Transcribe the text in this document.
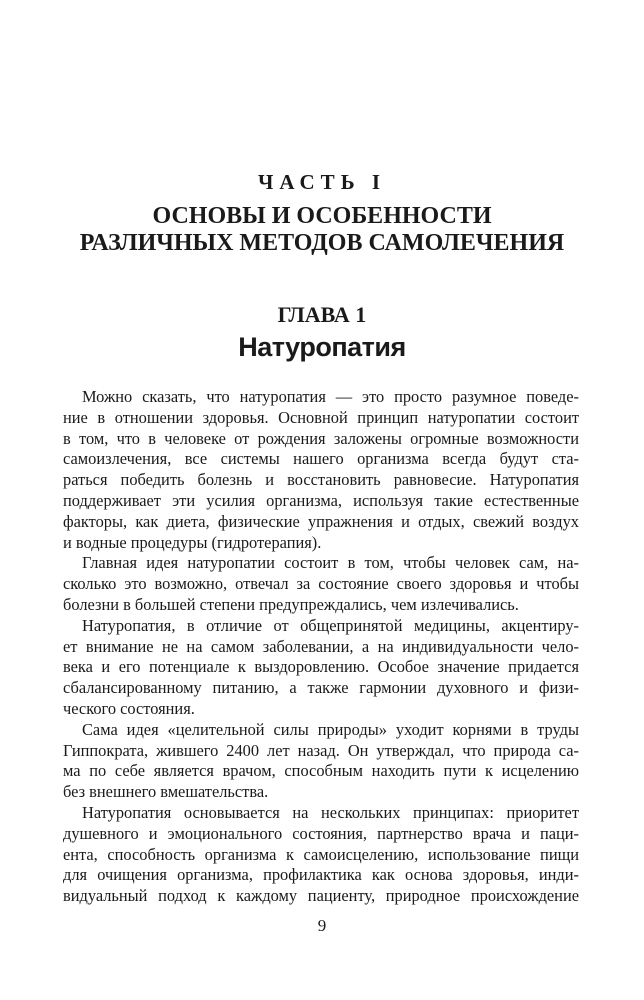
ЧАСТЬ I
ОСНОВЫ И ОСОБЕННОСТИ
РАЗЛИЧНЫХ МЕТОДОВ САМОЛЕЧЕНИЯ
ГЛАВА 1
Натуропатия
Можно сказать, что натуропатия — это просто разумное поведе-
ние в отношении здоровья. Основной принцип натуропатии состоит
в том, что в человеке от рождения заложены огромные возможности
самоизлечения, все системы нашего организма всегда будут ста-
раться победить болезнь и восстановить равновесие. Натуропатия
поддерживает эти усилия организма, используя такие естественные
факторы, как диета, физические упражнения и отдых, свежий воздух
и водные процедуры (гидротерапия).
Главная идея натуропатии состоит в том, чтобы человек сам, на-
сколько это возможно, отвечал за состояние своего здоровья и чтобы
болезни в большей степени предупреждались, чем излечивались.
Натуропатия, в отличие от общепринятой медицины, акцентиру-
ет внимание не на самом заболевании, а на индивидуальности чело-
века и его потенциале к выздоровлению. Особое значение придается
сбалансированному питанию, а также гармонии духовного и физи-
ческого состояния.
Сама идея «целительной силы природы» уходит корнями в труды
Гиппократа, жившего 2400 лет назад. Он утверждал, что природа са-
ма по себе является врачом, способным находить пути к исцелению
без внешнего вмешательства.
Натуропатия основывается на нескольких принципах: приоритет
душевного и эмоционального состояния, партнерство врача и паци-
ента, способность организма к самоисцелению, использование пищи
для очищения организма, профилактика как основа здоровья, инди-
видуальный подход к каждому пациенту, природное происхождение
9
